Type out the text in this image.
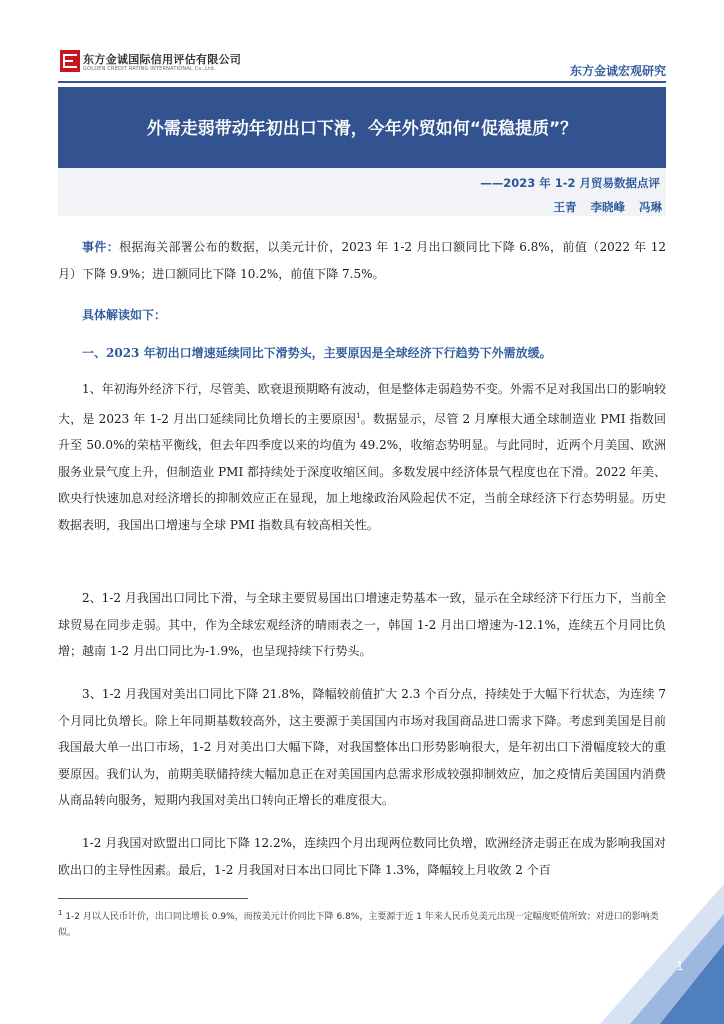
东方金诚国际信用评估有限公司
GOLDEN CREDIT RATING INTERNATIONAL Co.,Ltd.	东方金诚宏观研究
外需走弱带动年初出口下滑，今年外贸如何“促稳提质”？
——2023 年 1-2 月贸易数据点评
王青 李晓峰 冯琳

事件：根据海关部署公布的数据，以美元计价，2023 年 1-2 月出口额同比下降 6.8%，前值（2022 年 12 月）下降 9.9%；进口额同比下降 10.2%，前值下降 7.5%。

具体解读如下：

一、2023 年初出口增速延续同比下滑势头，主要原因是全球经济下行趋势下外需放缓。

1、年初海外经济下行，尽管美、欧衰退预期略有波动，但是整体走弱趋势不变。外需不足对我国出口的影响较大，是 2023 年 1-2 月出口延续同比负增长的主要原因$^1$。数据显示，尽管 2 月摩根大通全球制造业 PMI 指数回升至 50.0%的荣枯平衡线，但去年四季度以来的均值为 49.2%，收缩态势明显。与此同时，近两个月美国、欧洲服务业景气度上升，但制造业 PMI 都持续处于深度收缩区间。多数发展中经济体景气程度也在下滑。2022 年美、欧央行快速加息对经济增长的抑制效应正在显现，加上地缘政治风险起伏不定，当前全球经济下行态势明显。历史数据表明，我国出口增速与全球 PMI 指数具有较高相关性。

2、1-2 月我国出口同比下滑，与全球主要贸易国出口增速走势基本一致，显示在全球经济下行压力下，当前全球贸易在同步走弱。其中，作为全球宏观经济的晴雨表之一，韩国 1-2 月出口增速为-12.1%，连续五个月同比负增；越南 1-2 月出口同比为-1.9%，也呈现持续下行势头。

3、1-2 月我国对美出口同比下降 21.8%，降幅较前值扩大 2.3 个百分点，持续处于大幅下行状态，为连续 7 个月同比负增长。除上年同期基数较高外，这主要源于美国国内市场对我国商品进口需求下降。考虑到美国是目前我国最大单一出口市场，1-2 月对美出口大幅下降，对我国整体出口形势影响很大，是年初出口下滑幅度较大的重要原因。我们认为，前期美联储持续大幅加息正在对美国国内总需求形成较强抑制效应，加之疫情后美国国内消费从商品转向服务，短期内我国对美出口转向正增长的难度很大。

1-2 月我国对欧盟出口同比下降 12.2%，连续四个月出现两位数同比负增，欧洲经济走弱正在成为影响我国对欧出口的主导性因素。最后，1-2 月我国对日本出口同比下降 1.3%，降幅较上月收敛 2 个百

$^1$ 1-2 月以人民币计价，出口同比增长 0.9%，而按美元计价同比下降 6.8%，主要源于近 1 年来人民币兑美元出现一定幅度贬值所致；对进口的影响类似。

1
